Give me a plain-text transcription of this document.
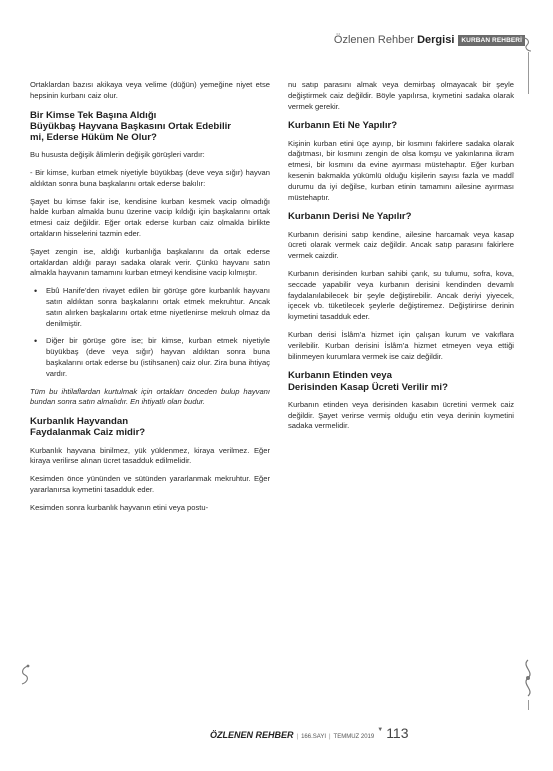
Özlenen Rehber Dergisi	KURBAN REHBERİ

Ortaklardan bazısı akikaya veya velime (düğün) yemeğine niyet etse hepsinin kurbanı caiz olur.

Bir Kimse Tek Başına Aldığı
Büyükbaş Hayvana Başkasını Ortak Edebilir
mi, Ederse Hüküm Ne Olur?

Bu hususta değişik âlimlerin değişik görüşleri vardır:

- Bir kimse, kurban etmek niyetiyle büyükbaş (deve veya sığır) hayvan aldıktan sonra buna başkalarını ortak ederse bakılır:

Şayet bu kimse fakir ise, kendisine kurban kesmek vacip olmadığı halde kurban almakla bunu üzerine vacip kıldığı için başkalarını ortak etmesi caiz değildir. Eğer ortak ederse kurban caiz olmakla birlikte ortakların hisselerini tazmin eder.

Şayet zengin ise, aldığı kurbanlığa başkalarını da ortak ederse ortaklardan aldığı parayı sadaka olarak verir. Çünkü hayvanı satın almakla hayvanın tamamını kurban etmeyi kendisine vacip kılmıştır.

• Ebû Hanife’den rivayet edilen bir görüşe göre kurbanlık hayvanı satın aldıktan sonra başkalarını ortak etmek mekruhtur. Ancak satın alırken başkalarını ortak etme niyetlenirse mekruh olmaz da denilmiştir.
• Diğer bir görüşe göre ise; bir kimse, kurban etmek niyetiyle büyükbaş (deve veya sığır) hayvan aldıktan sonra buna başkalarını ortak ederse bu (istihsanen) caiz olur. Zira buna ihtiyaç vardır.

Tüm bu ihtilaflardan kurtulmak için ortakları önceden bulup hayvanı bundan sonra satın almalıdır. En ihtiyatlı olan budur.

Kurbanlık Hayvandan
Faydalanmak Caiz midir?

Kurbanlık hayvana binilmez, yük yüklenmez, kiraya verilmez. Eğer kiraya verilirse alınan ücret tasadduk edilmelidir.

Kesimden önce yününden ve sütünden yararlanmak mekruhtur. Eğer yararlanırsa kıymetini tasadduk eder.

Kesimden sonra kurbanlık hayvanın etini veya postu-

nu satıp parasını almak veya demirbaş olmayacak bir şeyle değiştirmek caiz değildir. Böyle yapılırsa, kıymetini sadaka olarak vermek gerekir.

Kurbanın Eti Ne Yapılır?

Kişinin kurban etini üçe ayırıp, bir kısmını fakirlere sadaka olarak dağıtması, bir kısmını zengin de olsa komşu ve yakınlarına ikram etmesi, bir kısmını da evine ayırması müstehaptır. Eğer kurban kesenin bakmakla yükümlü olduğu kişilerin sayısı fazla ve maddî durumu da iyi değilse, kurban etinin tamamını ailesine ayırması müstehaptır.

Kurbanın Derisi Ne Yapılır?

Kurbanın derisini satıp kendine, ailesine harcamak veya kasap ücreti olarak vermek caiz değildir. Ancak satıp parasını fakirlere vermek caizdir.

Kurbanın derisinden kurban sahibi çarık, su tulumu, sofra, kova, seccade yapabilir veya kurbanın derisini kendinden devamlı faydalanılabilecek bir şeyle değiştirebilir. Ancak deriyi yiyecek, içecek vb. tüketilecek şeylerle değiştiremez. Değiştirirse derinin kıymetini tasadduk eder.

Kurban derisi İslâm’a hizmet için çalışan kurum ve vakıflara verilebilir. Kurban derisini İslâm’a hizmet etmeyen veya ettiği bilinmeyen kurumlara vermek ise caiz değildir.

Kurbanın Etinden veya
Derisinden Kasap Ücreti Verilir mi?

Kurbanın etinden veya derisinden kasabın ücretini vermek caiz değildir. Şayet verirse vermiş olduğu etin veya derinin kıymetini sadaka vermelidir.

ÖZLENEN REHBER | 166.SAYI | TEMMUZ 2019
▼ 113
